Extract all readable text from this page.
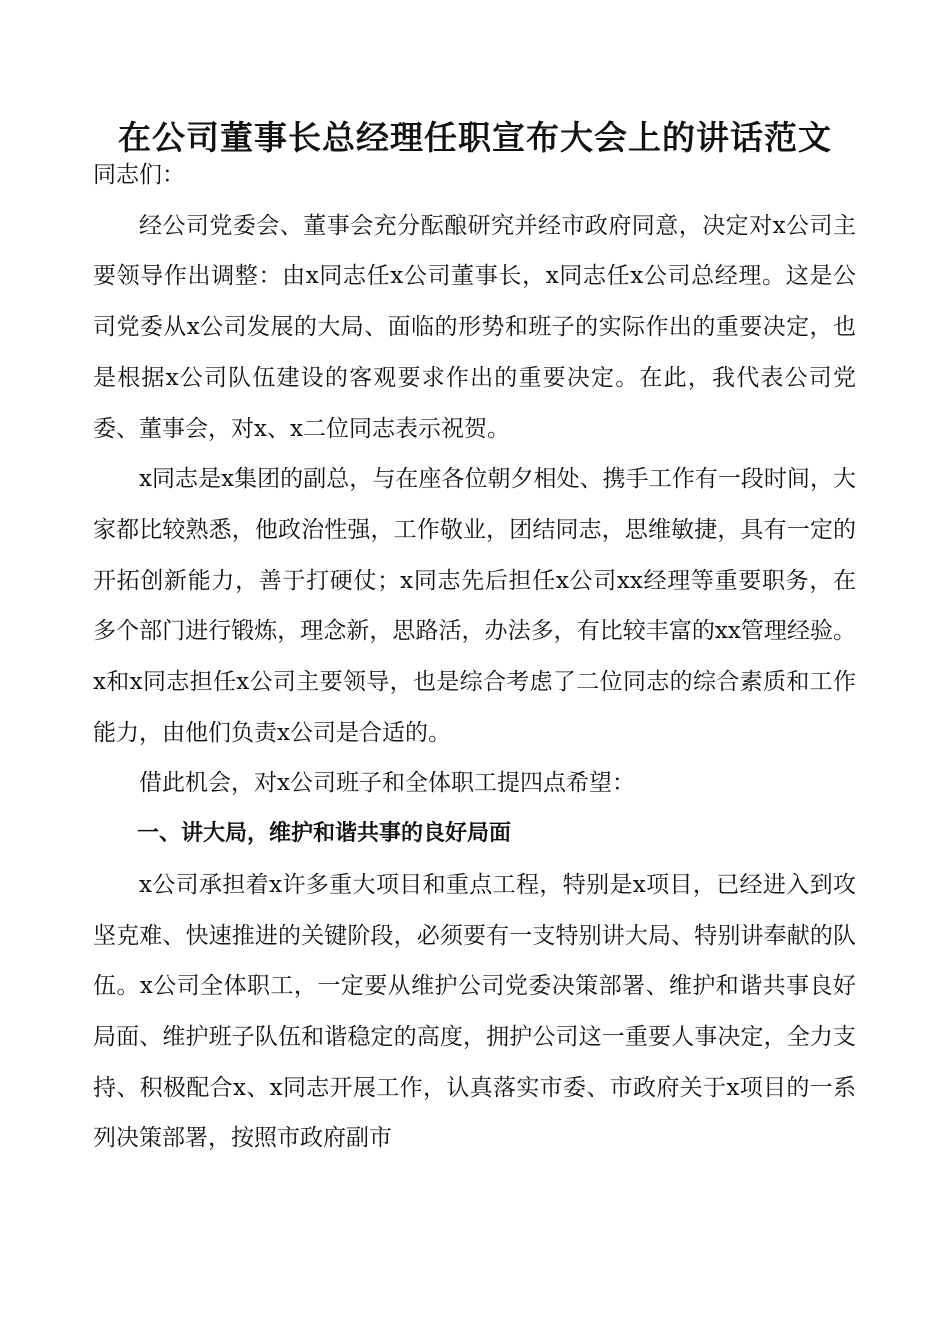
在公司董事长总经理任职宣布大会上的讲话范文

同志们：

经公司党委会、董事会充分酝酿研究并经市政府同意，决定对x公司主要领导作出调整：由x同志任x公司董事长，x同志任x公司总经理。这是公司党委从x公司发展的大局、面临的形势和班子的实际作出的重要决定，也是根据x公司队伍建设的客观要求作出的重要决定。在此，我代表公司党委、董事会，对x、x二位同志表示祝贺。

x同志是x集团的副总，与在座各位朝夕相处、携手工作有一段时间，大家都比较熟悉，他政治性强，工作敬业，团结同志，思维敏捷，具有一定的开拓创新能力，善于打硬仗；x同志先后担任x公司xx经理等重要职务，在多个部门进行锻炼，理念新，思路活，办法多，有比较丰富的xx管理经验。x和x同志担任x公司主要领导，也是综合考虑了二位同志的综合素质和工作能力，由他们负责x公司是合适的。

借此机会，对x公司班子和全体职工提四点希望：

一、讲大局，维护和谐共事的良好局面

x公司承担着x许多重大项目和重点工程，特别是x项目，已经进入到攻坚克难、快速推进的关键阶段，必须要有一支特别讲大局、特别讲奉献的队伍。x公司全体职工，一定要从维护公司党委决策部署、维护和谐共事良好局面、维护班子队伍和谐稳定的高度，拥护公司这一重要人事决定，全力支持、积极配合x、x同志开展工作，认真落实市委、市政府关于x项目的一系列决策部署，按照市政府副市
